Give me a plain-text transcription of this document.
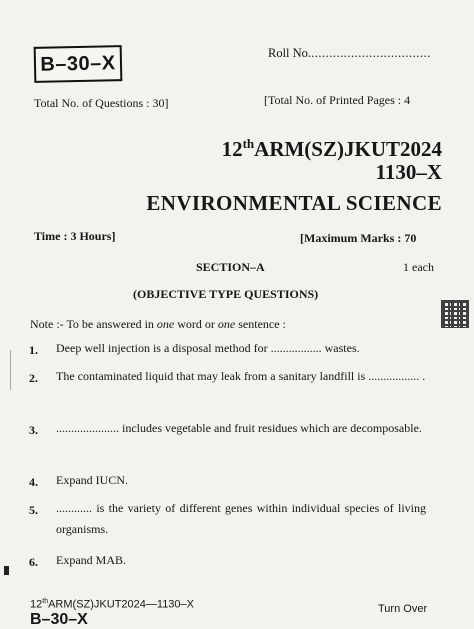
B–30–X	Roll No..................................
Total No. of Questions : 30]	[Total No. of Printed Pages : 4
12thARM(SZ)JKUT2024
1130–X
ENVIRONMENTAL SCIENCE
Time : 3 Hours]	[Maximum Marks : 70
SECTION–A	1 each
(OBJECTIVE TYPE QUESTIONS)
Note :- To be answered in one word or one sentence :
1. Deep well injection is a disposal method for ................. wastes.
2. The contaminated liquid that may leak from a sanitary landfill is ................. .
3. ..................... includes vegetable and fruit residues which are decomposable.
4. Expand IUCN.
5. ............ is the variety of different genes within individual species of living organisms.
6. Expand MAB.
12thARM(SZ)JKUT2024—1130–X
B–30–X
Turn Over
